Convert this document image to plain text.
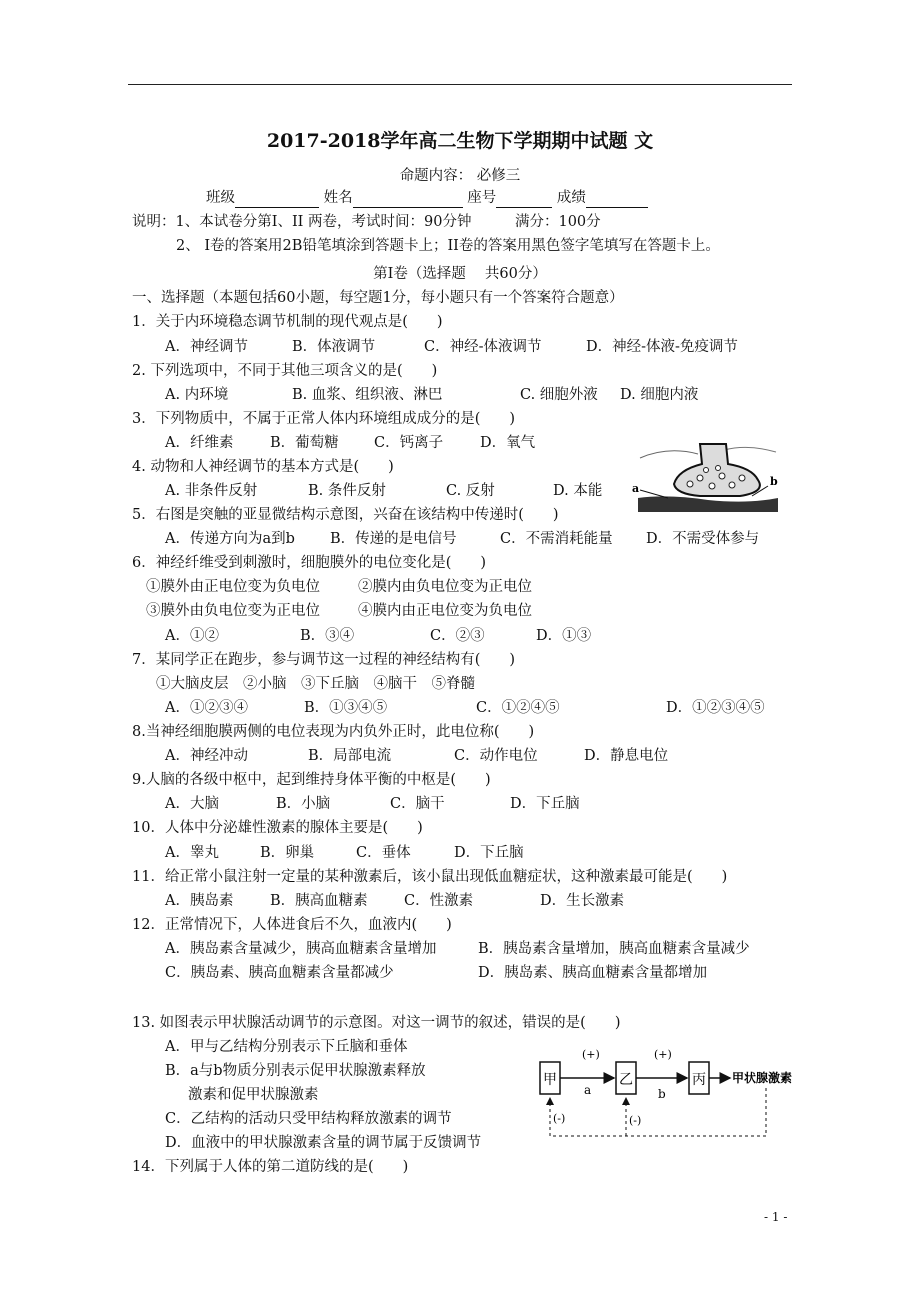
2017-2018学年高二生物下学期期中试题 文
命题内容： 必修三
班级	姓名	座号	成绩
说明：1、本试卷分第Ⅰ、II 两卷，考试时间：90分钟　　　满分：100分
2、 I卷的答案用2B铅笔填涂到答题卡上；II卷的答案用黑色签字笔填写在答题卡上。
第Ⅰ卷（选择题　 共60分）
一、选择题（本题包括60小题，每空题1分，每小题只有一个答案符合题意）
1．关于内环境稳态调节机制的现代观点是(　　)
A．神经调节	B．体液调节	C．神经-体液调节	D．神经-体液-免疫调节
2. 下列选项中，不同于其他三项含义的是(　　)
A. 内环境	B. 血浆、组织液、淋巴	C. 细胞外液 D. 细胞内液
3．下列物质中，不属于正常人体内环境组成成分的是(　　)
A．纤维素	B．葡萄糖 C．钙离子	D．氧气
4. 动物和人神经调节的基本方式是(　　)
A. 非条件反射	B. 条件反射	C. 反射	D. 本能	a
b
5．右图是突触的亚显微结构示意图，兴奋在该结构中传递时(　　)
A．传递方向为a到b B．传递的是电信号	C．不需消耗能量 D．不需受体参与
6．神经纤维受到刺激时，细胞膜外的电位变化是(　　)
①膜外由正电位变为负电位	②膜内由负电位变为正电位
③膜外由负电位变为正电位	④膜内由正电位变为负电位
A．①②	B．③④	C．②③	D．①③
7．某同学正在跑步，参与调节这一过程的神经结构有(　　)
①大脑皮层　②小脑　③下丘脑　④脑干　⑤脊髓
A．①②③④	B．①③④⑤	C．①②④⑤	D．①②③④⑤
8.当神经细胞膜两侧的电位表现为内负外正时，此电位称(　　)
A．神经冲动	B．局部电流	C．动作电位	D．静息电位
9.人脑的各级中枢中，起到维持身体平衡的中枢是(　　)
A．大脑	B．小脑	C．脑干	D．下丘脑
10．人体中分泌雄性激素的腺体主要是(　　)
A．睾丸	B．卵巢	C．垂体	D．下丘脑
11．给正常小鼠注射一定量的某种激素后，该小鼠出现低血糖症状，这种激素最可能是(　　)
A．胰岛素	B．胰高血糖素	C．性激素	D．生长激素
12．正常情况下，人体进食后不久，血液内(　　)
A．胰岛素含量减少，胰高血糖素含量增加	B．胰岛素含量增加，胰高血糖素含量减少
C．胰岛素、胰高血糖素含量都减少	D．胰岛素、胰高血糖素含量都增加
13. 如图表示甲状腺活动调节的示意图。对这一调节的叙述，错误的是(　　)
A．甲与乙结构分别表示下丘脑和垂体
B．a与b物质分别表示促甲状腺激素释放
激素和促甲状腺激素
C．乙结构的活动只受甲结构释放激素的调节
D．血液中的甲状腺激素含量的调节属于反馈调节
甲	乙	丙 甲状腺激素
(+)	(+)
a	b
(-)	(-)
14．下列属于人体的第二道防线的是(　　)
- 1 -
